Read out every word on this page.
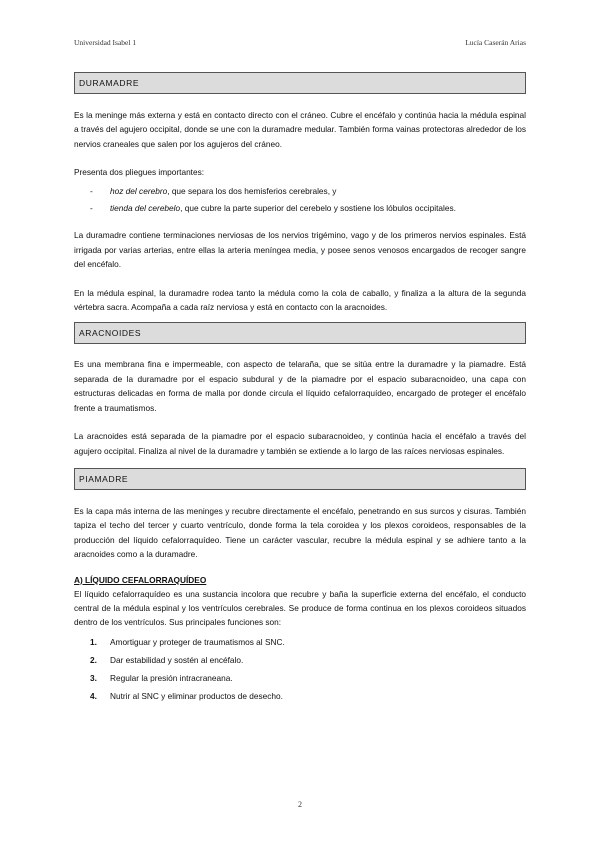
Universidad Isabel 1	Lucía Caserán Arias
DURAMADRE

Es la meninge más externa y está en contacto directo con el cráneo. Cubre el encéfalo y continúa hacia la médula espinal a través del agujero occipital, donde se une con la duramadre medular. También forma vainas protectoras alrededor de los nervios craneales que salen por los agujeros del cráneo.

Presenta dos pliegues importantes:

- hoz del cerebro, que separa los dos hemisferios cerebrales, y
- tienda del cerebelo, que cubre la parte superior del cerebelo y sostiene los lóbulos occipitales.

La duramadre contiene terminaciones nerviosas de los nervios trigémino, vago y de los primeros nervios espinales. Está irrigada por varias arterias, entre ellas la arteria meníngea media, y posee senos venosos encargados de recoger sangre del encéfalo.

En la médula espinal, la duramadre rodea tanto la médula como la cola de caballo, y finaliza a la altura de la segunda vértebra sacra. Acompaña a cada raíz nerviosa y está en contacto con la aracnoides.

ARACNOIDES

Es una membrana fina e impermeable, con aspecto de telaraña, que se sitúa entre la duramadre y la piamadre. Está separada de la duramadre por el espacio subdural y de la piamadre por el espacio subaracnoideo, una capa con estructuras delicadas en forma de malla por donde circula el líquido cefalorraquídeo, encargado de proteger el encéfalo frente a traumatismos.

La aracnoides está separada de la piamadre por el espacio subaracnoideo, y continúa hacia el encéfalo a través del agujero occipital. Finaliza al nivel de la duramadre y también se extiende a lo largo de las raíces nerviosas espinales.

PIAMADRE

Es la capa más interna de las meninges y recubre directamente el encéfalo, penetrando en sus surcos y cisuras. También tapiza el techo del tercer y cuarto ventrículo, donde forma la tela coroidea y los plexos coroideos, responsables de la producción del líquido cefalorraquídeo. Tiene un carácter vascular, recubre la médula espinal y se adhiere tanto a la aracnoides como a la duramadre.

A) LÍQUIDO CEFALORRAQUÍDEO

El líquido cefalorraquídeo es una sustancia incolora que recubre y baña la superficie externa del encéfalo, el conducto central de la médula espinal y los ventrículos cerebrales. Se produce de forma continua en los plexos coroideos situados dentro de los ventrículos. Sus principales funciones son:

1. Amortiguar y proteger de traumatismos al SNC.
2. Dar estabilidad y sostén al encéfalo.
3. Regular la presión intracraneana.
4. Nutrir al SNC y eliminar productos de desecho.
2
